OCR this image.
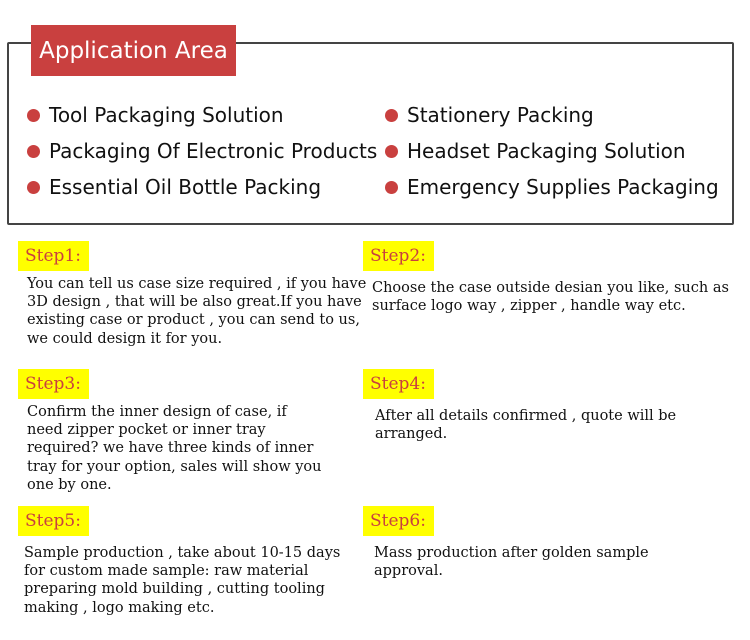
Application Area
Tool Packaging Solution	Stationery Packing
Packaging Of Electronic Products Headset Packaging Solution
Essential Oil Bottle Packing	Emergency Supplies Packaging
Step1:
You can tell us case size required , if you have 3D design , that will be also great.If you have existing case or product , you can send to us, we could design it for you.
Step2:
Choose the case outside desian you like, such as surface logo way , zipper , handle way etc.
Step3:
Confirm the inner design of case, if need zipper pocket or inner tray required? we have three kinds of inner tray for your option, sales will show you one by one.
Step4:
After all details confirmed , quote will be arranged.
Step5:
Sample production , take about 10-15 days for custom made sample: raw material preparing mold building , cutting tooling making , logo making etc.
Step6:
Mass production after golden sample approval.
